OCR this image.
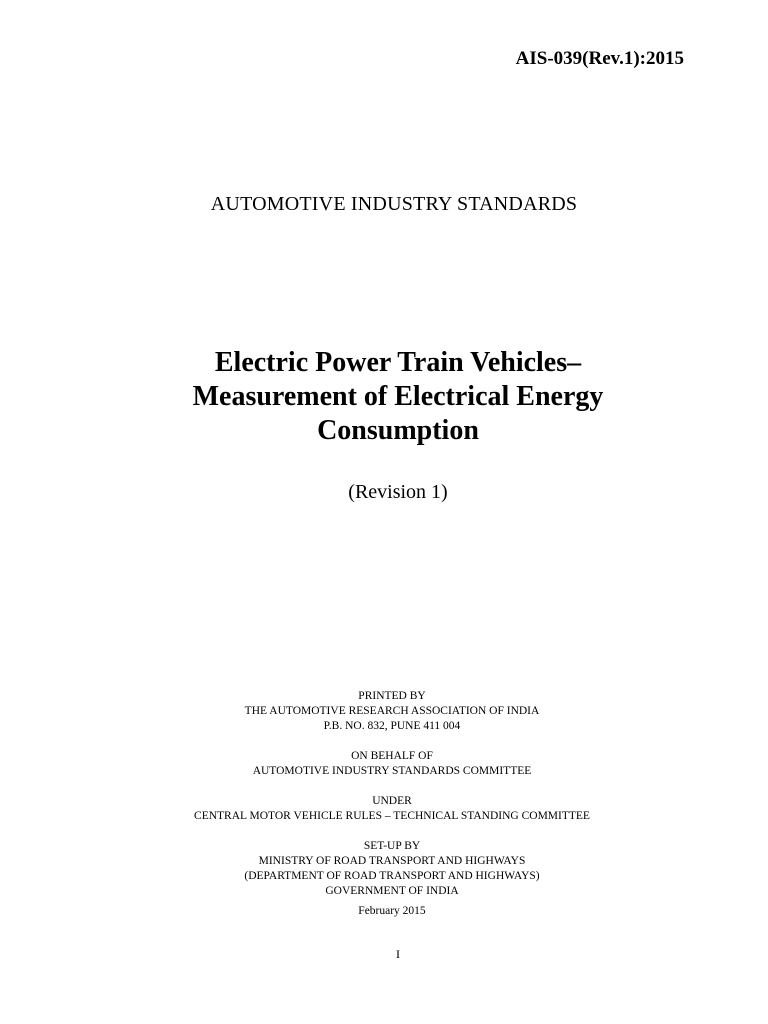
AIS-039(Rev.1):2015
AUTOMOTIVE INDUSTRY STANDARDS
Electric Power Train Vehicles–
Measurement of Electrical Energy
Consumption
(Revision 1)
PRINTED BY
THE AUTOMOTIVE RESEARCH ASSOCIATION OF INDIA
P.B. NO. 832, PUNE 411 004
ON BEHALF OF
AUTOMOTIVE INDUSTRY STANDARDS COMMITTEE
UNDER
CENTRAL MOTOR VEHICLE RULES – TECHNICAL STANDING COMMITTEE
SET-UP BY
MINISTRY OF ROAD TRANSPORT AND HIGHWAYS
(DEPARTMENT OF ROAD TRANSPORT AND HIGHWAYS)
GOVERNMENT OF INDIA
February 2015
I
